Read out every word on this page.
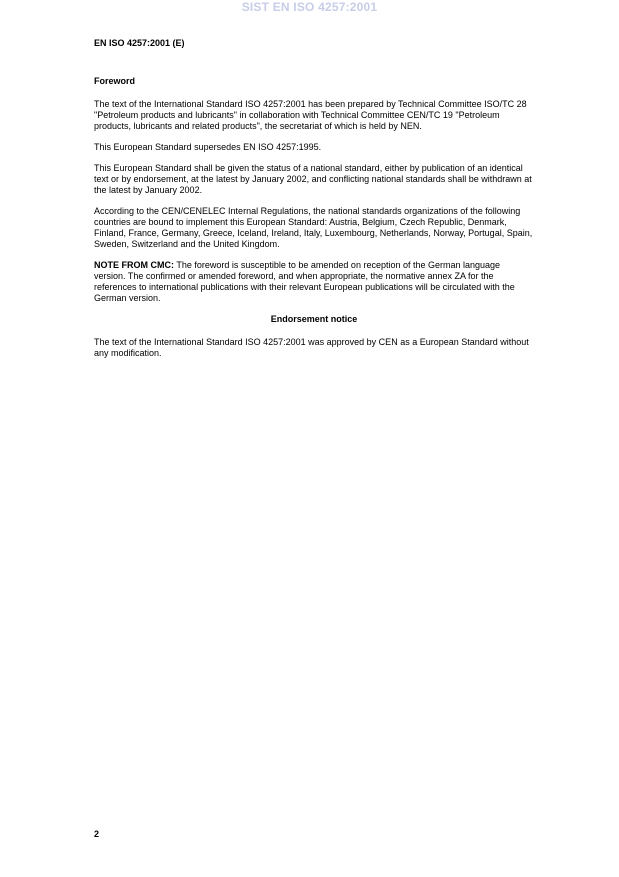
SIST EN ISO 4257:2001
EN ISO 4257:2001 (E)
Foreword

The text of the International Standard ISO 4257:2001 has been prepared by Technical Committee ISO/TC 28 "Petroleum products and lubricants" in collaboration with Technical Committee CEN/TC 19 "Petroleum products, lubricants and related products", the secretariat of which is held by NEN.

This European Standard supersedes EN ISO 4257:1995.

This European Standard shall be given the status of a national standard, either by publication of an identical text or by endorsement, at the latest by January 2002, and conflicting national standards shall be withdrawn at the latest by January 2002.

According to the CEN/CENELEC Internal Regulations, the national standards organizations of the following countries are bound to implement this European Standard: Austria, Belgium, Czech Republic, Denmark, Finland, France, Germany, Greece, Iceland, Ireland, Italy, Luxembourg, Netherlands, Norway, Portugal, Spain, Sweden, Switzerland and the United Kingdom.

NOTE FROM CMC: The foreword is susceptible to be amended on reception of the German language version. The confirmed or amended foreword, and when appropriate, the normative annex ZA for the references to international publications with their relevant European publications will be circulated with the German version.

Endorsement notice

The text of the International Standard ISO 4257:2001 was approved by CEN as a European Standard without any modification.

2
